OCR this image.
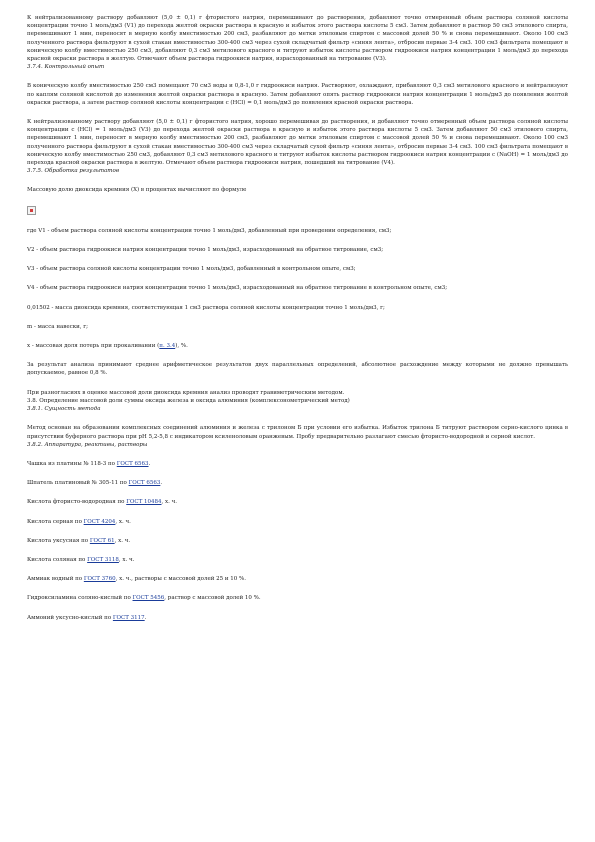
К нейтрализованному раствору добавляют (5,0 ± 0,1) г фтористого натрия, перемешивают до растворения, добавляют точно отмеренный объем раствора соляной кислоты концентрации точно 1 моль/дм3 (V1) до перехода желтой окраски раствора в красную и избыток этого раствора кислоты 5 см3. Затем добавляют в раствор 50 см3 этилового спирта, перемешивают 1 мин, переносят в мерную колбу вместимостью 200 см3, разбавляют до метки этиловым спиртом с массовой долей 50 % и снова перемешивают. Около 100 см3 полученного раствора фильтруют в сухой стакан вместимостью 300-400 см3 через сухой складчатый фильтр «синяя лента», отбросив первые 3-4 см3. 100 см3 фильтрата помещают в коническую колбу вместимостью 250 см3, добавляют 0,3 см3 метилового красного и титруют избыток кислоты раствором гидроокиси натрия концентрации 1 моль/дм3 до перехода красной окраски раствора в желтую. Отмечают объем раствора гидроокиси натрия, израсходованный на титрование (V3).

3.7.4. Контрольный опыт

В коническую колбу вместимостью 250 см3 помещают 70 см3 воды и 0,8-1,0 г гидроокиси натрия. Растворяют, охлаждают, прибавляют 0,3 см3 метилового красного и нейтрализуют по каплям соляной кислотой до изменения желтой окраски раствора в красную. Затем добавляют опять раствор гидроокиси натрия концентрации 1 моль/дм3 до появления желтой окраски раствора, а затем раствор соляной кислоты концентрации с (HCl) = 0,1 моль/дм3 до появления красной окраски раствора.

К нейтрализованному раствору добавляют (5,0 ± 0,1) г фтористого натрия, хорошо перемешивая до растворения, и добавляют точно отмеренный объем раствора соляной кислоты концентрации с (HCl) = 1 моль/дм3 (V3) до перехода желтой окраски раствора в красную и избыток этого раствора кислоты 5 см3. Затем добавляют 50 см3 этилового спирта, перемешивают 1 мин, переносят в мерную колбу вместимостью 200 см3, разбавляют до метки этиловым спиртом с массовой долей 50 % и снова перемешивают. Около 100 см3 полученного раствора фильтруют в сухой стакан вместимостью 300-400 см3 через складчатый сухой фильтр «синяя лента», отбросив первые 3-4 см3. 100 см3 фильтрата помещают в коническую колбу вместимостью 250 см3, добавляют 0,3 см3 метилового красного и титруют избыток кислоты раствором гидроокиси натрия концентрации с (NaOH) = 1 моль/дм3 до перехода красной окраски раствора в желтую. Отмечают объем раствора гидроокиси натрия, пошедший на титрование (V4).

3.7.5. Обработка результатов

Массовую долю диоксида кремния (Х) в процентах вычисляют по формуле

где V1 - объем раствора соляной кислоты концентрации точно 1 моль/дм3, добавленный при проведении определения, см3;

V2 - объем раствора гидроокиси натрия концентрации точно 1 моль/дм3, израсходованный на обратное титрование, см3;

V3 - объем раствора соляной кислоты концентрации точно 1 моль/дм3, добавленный в контрольном опыте, см3;

V4 - объем раствора гидроокиси натрия концентрации точно 1 моль/дм3, израсходованный на обратное титрование в контрольном опыте, см3;

0,01502 - масса диоксида кремния, соответствующая 1 см3 раствора соляной кислоты концентрации точно 1 моль/дм3, г;

m - масса навески, г;

х - массовая доля потерь при прокаливании (п. 3.4), %.

За результат анализа принимают среднее арифметическое результатов двух параллельных определений, абсолютное расхождение между которыми не должно превышать допускаемое, равное 0,8 %.

При разногласиях в оценке массовой доли диоксида кремния анализ проводят гравиметрическим методом.

3.8. Определение массовой доли суммы оксида железа и оксида алюминия (комплексонометрический метод)

3.8.1. Сущность метода

Метод основан на образовании комплексных соединений алюминия и железа с трилоном Б при условии его избытка. Избыток трилона Б титруют раствором серно-кислого цинка в присутствии буферного раствора при рН 5,2-5,8 с индикатором ксиленоловым оранжевым. Пробу предварительно разлагают смесью фтористо-водородной и серной кислот.

3.8.2. Аппаратура, реактивы, растворы

Чашка из платины № 118-3 по ГОСТ 6563.

Шпатель платиновый № 305-11 по ГОСТ 6563.

Кислота фтористо-водородная по ГОСТ 10484, х. ч.

Кислота серная по ГОСТ 4204, х. ч.

Кислота уксусная по ГОСТ 61, х. ч.

Кислота соляная по ГОСТ 3118, х. ч.

Аммиак водный по ГОСТ 3760, х. ч., растворы с массовой долей 25 и 10 %.

Гидроксиламина солянo-кислый по ГОСТ 5456, раствор с массовой долей 10 %.

Аммоний уксусно-кислый по ГОСТ 3117.
